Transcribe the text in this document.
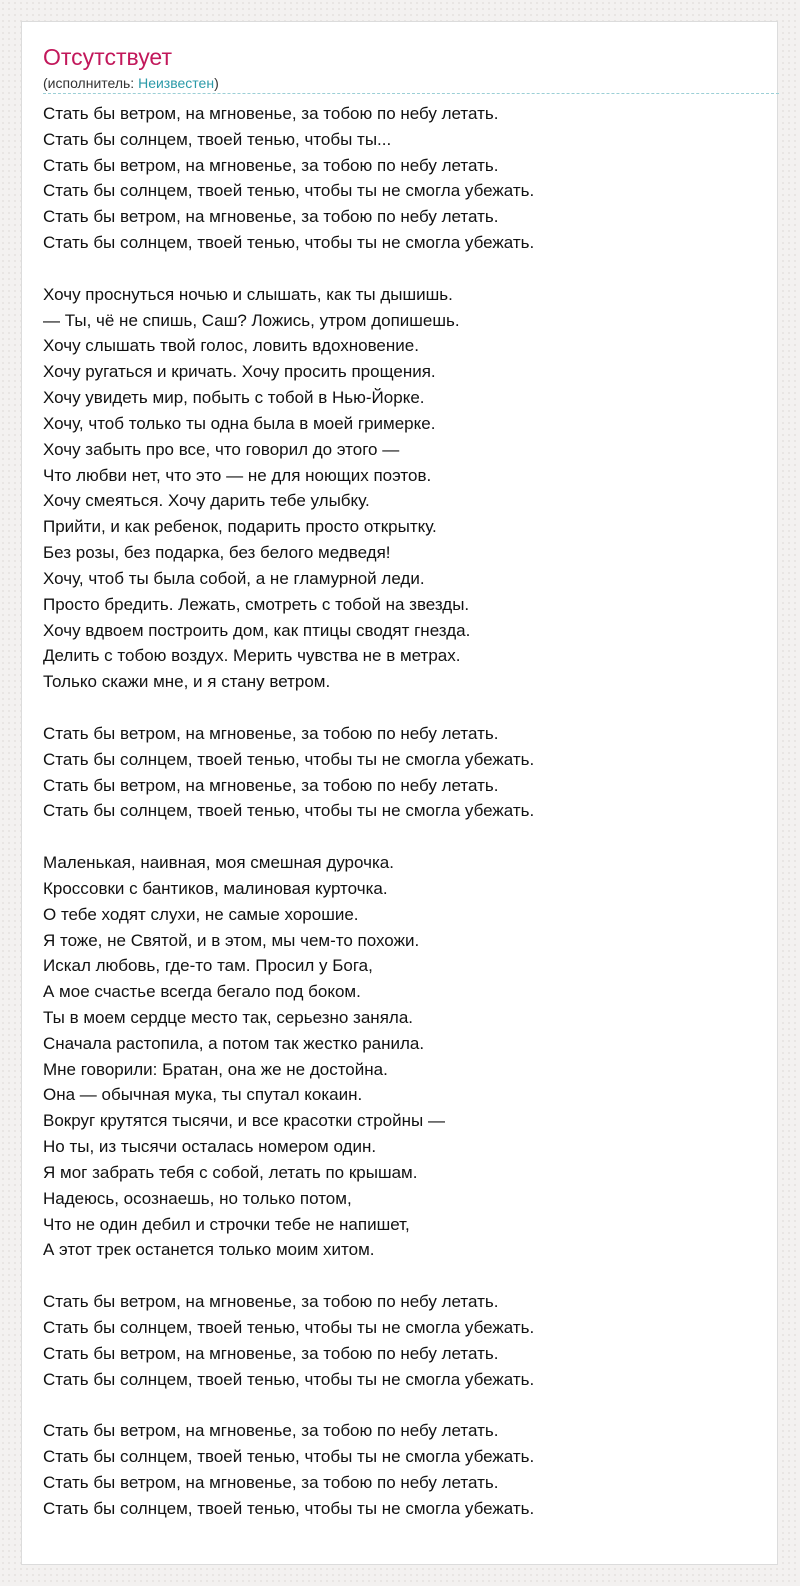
Отсутствует
(исполнитель: Неизвестен)
Стать бы ветром, на мгновенье, за тобою по небу летать.
Стать бы солнцем, твоей тенью, чтобы ты...
Стать бы ветром, на мгновенье, за тобою по небу летать.
Стать бы солнцем, твоей тенью, чтобы ты не смогла убежать.
Стать бы ветром, на мгновенье, за тобою по небу летать.
Стать бы солнцем, твоей тенью, чтобы ты не смогла убежать.
Хочу проснуться ночью и слышать, как ты дышишь.
— Ты, чё не спишь, Саш? Ложись, утром допишешь.
Хочу слышать твой голос, ловить вдохновение.
Хочу ругаться и кричать. Хочу просить прощения.
Хочу увидеть мир, побыть с тобой в Нью-Йорке.
Хочу, чтоб только ты одна была в моей гримерке.
Хочу забыть про все, что говорил до этого —
Что любви нет, что это — не для ноющих поэтов.
Хочу смеяться. Хочу дарить тебе улыбку.
Прийти, и как ребенок, подарить просто открытку.
Без розы, без подарка, без белого медведя!
Хочу, чтоб ты была собой, а не гламурной леди.
Просто бредить. Лежать, смотреть с тобой на звезды.
Хочу вдвоем построить дом, как птицы сводят гнезда.
Делить с тобою воздух. Мерить чувства не в метрах.
Только скажи мне, и я стану ветром.
Стать бы ветром, на мгновенье, за тобою по небу летать.
Стать бы солнцем, твоей тенью, чтобы ты не смогла убежать.
Стать бы ветром, на мгновенье, за тобою по небу летать.
Стать бы солнцем, твоей тенью, чтобы ты не смогла убежать.
Маленькая, наивная, моя смешная дурочка.
Кроссовки с бантиков, малиновая курточка.
О тебе ходят слухи, не самые хорошие.
Я тоже, не Святой, и в этом, мы чем-то похожи.
Искал любовь, где-то там. Просил у Бога,
А мое счастье всегда бегало под боком.
Ты в моем сердце место так, серьезно заняла.
Сначала растопила, а потом так жестко ранила.
Мне говорили: Братан, она же не достойна.
Она — обычная мука, ты спутал кокаин.
Вокруг крутятся тысячи, и все красотки стройны —
Но ты, из тысячи осталась номером один.
Я мог забрать тебя с собой, летать по крышам.
Надеюсь, осознаешь, но только потом,
Что не один дебил и строчки тебе не напишет,
А этот трек останется только моим хитом.
Стать бы ветром, на мгновенье, за тобою по небу летать.
Стать бы солнцем, твоей тенью, чтобы ты не смогла убежать.
Стать бы ветром, на мгновенье, за тобою по небу летать.
Стать бы солнцем, твоей тенью, чтобы ты не смогла убежать.
Стать бы ветром, на мгновенье, за тобою по небу летать.
Стать бы солнцем, твоей тенью, чтобы ты не смогла убежать.
Стать бы ветром, на мгновенье, за тобою по небу летать.
Стать бы солнцем, твоей тенью, чтобы ты не смогла убежать.
